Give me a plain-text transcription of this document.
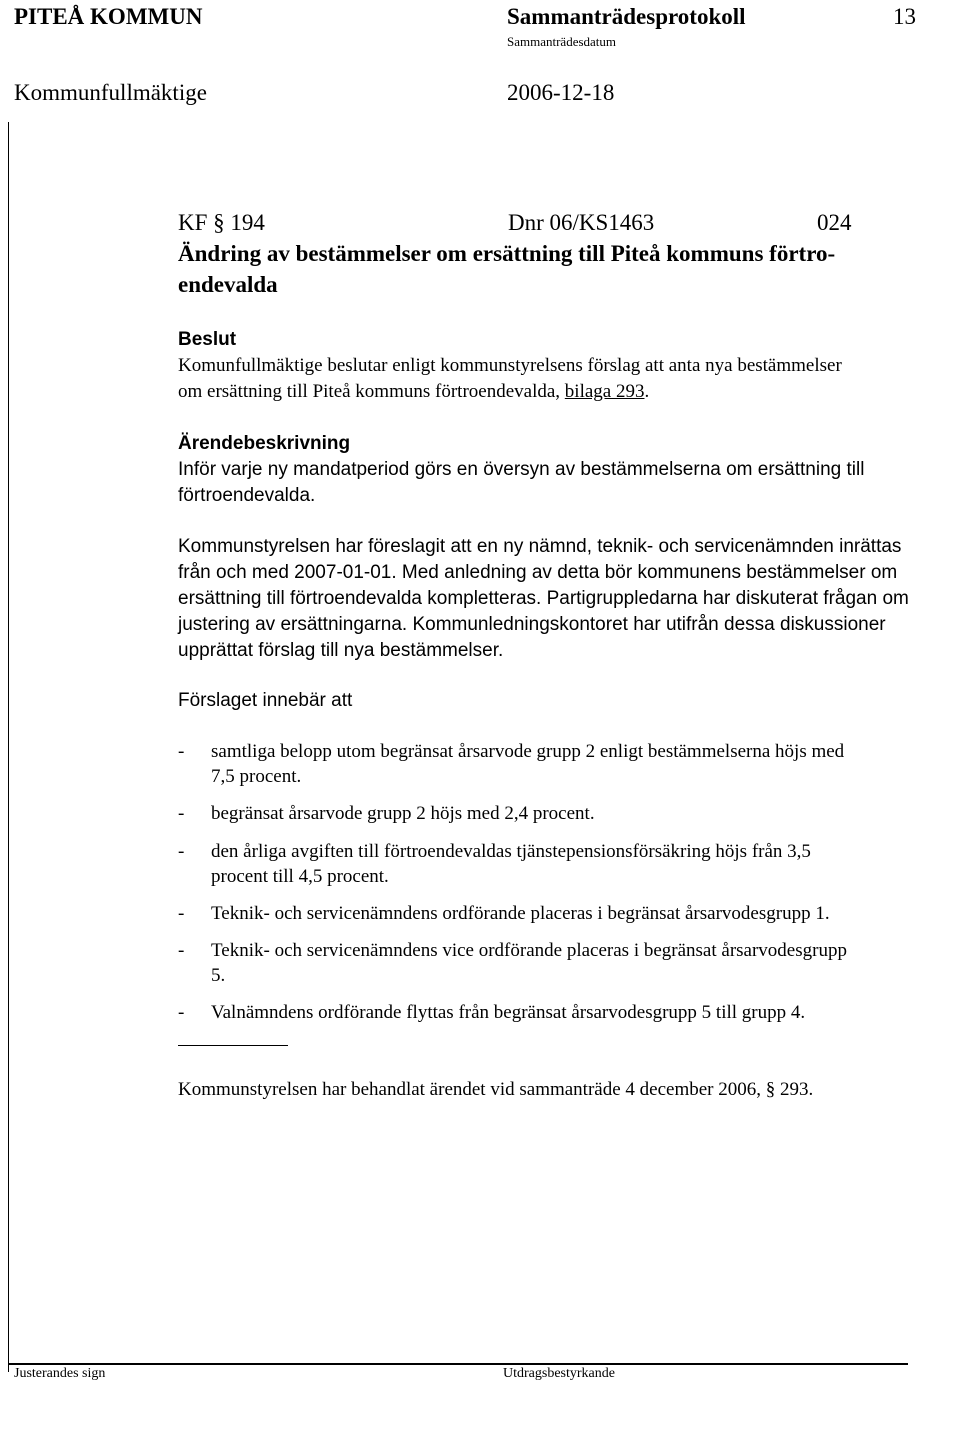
PITEÅ KOMMUN	Sammanträdesprotokoll	13
Sammanträdesdatum
Kommunfullmäktige	2006-12-18
KF § 194	Dnr 06/KS1463	024
Ändring av bestämmelser om ersättning till Piteå kommuns förtro-
endevalda
Beslut
Komunfullmäktige beslutar enligt kommunstyrelsens förslag att anta nya bestämmelser
om ersättning till Piteå kommuns förtroendevalda, bilaga 293.
Ärendebeskrivning
Inför varje ny mandatperiod görs en översyn av bestämmelserna om ersättning till
förtroendevalda.
Kommunstyrelsen har föreslagit att en ny nämnd, teknik- och servicenämnden inrättas
från och med 2007-01-01. Med anledning av detta bör kommunens bestämmelser om
ersättning till förtroendevalda kompletteras. Partigruppledarna har diskuterat frågan om
justering av ersättningarna. Kommunledningskontoret har utifrån dessa diskussioner
upprättat förslag till nya bestämmelser.
Förslaget innebär att
- samtliga belopp utom begränsat årsarvode grupp 2 enligt bestämmelserna höjs med
7,5 procent.
- begränsat årsarvode grupp 2 höjs med 2,4 procent.
- den årliga avgiften till förtroendevaldas tjänstepensionsförsäkring höjs från 3,5
procent till 4,5 procent.
- Teknik- och servicenämndens ordförande placeras i begränsat årsarvodesgrupp 1.
- Teknik- och servicenämndens vice ordförande placeras i begränsat årsarvodesgrupp
5.
- Valnämndens ordförande flyttas från begränsat årsarvodesgrupp 5 till grupp 4.
Kommunstyrelsen har behandlat ärendet vid sammanträde 4 december 2006, § 293.
Justerandes sign	Utdragsbestyrkande
